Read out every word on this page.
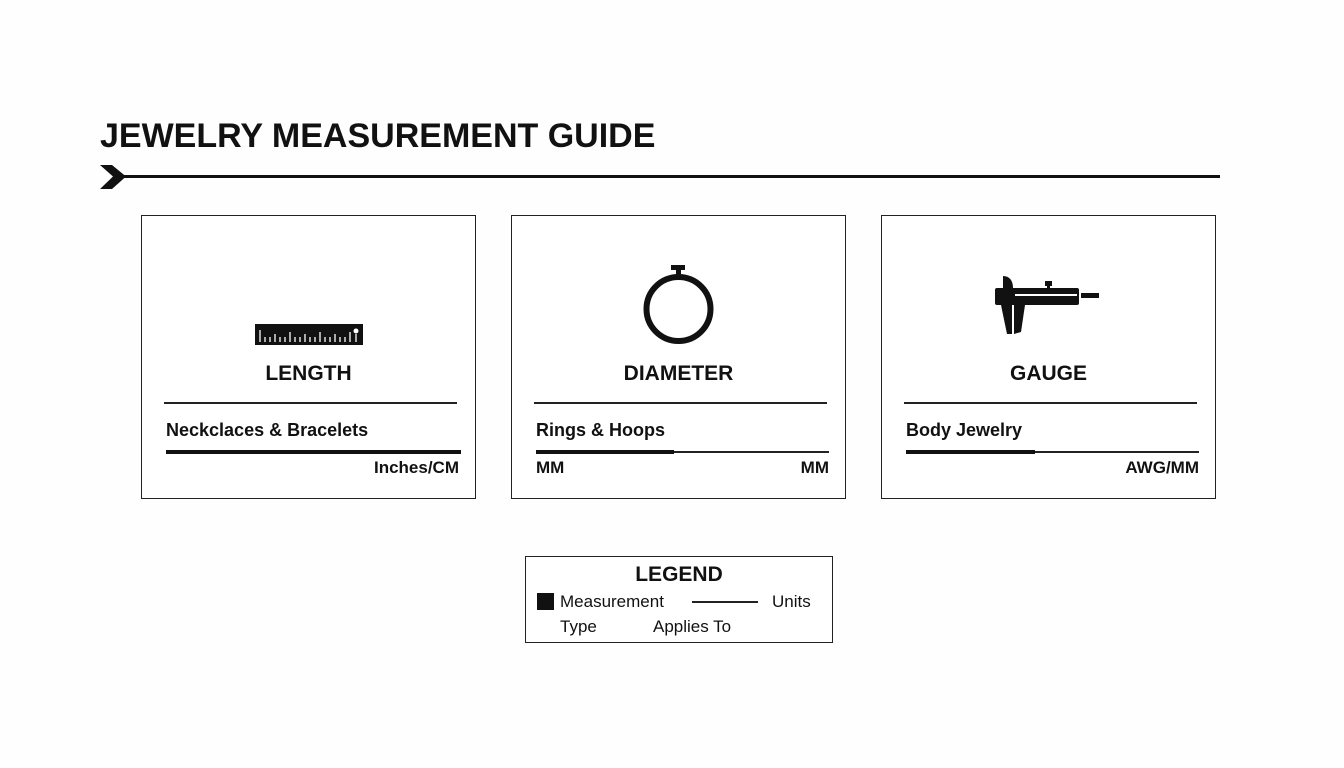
JEWELRY MEASUREMENT GUIDE
LENGTH
Neckclaces & Bracelets
Inches/CM
DIAMETER
Rings & Hoops
MM	MM
GAUGE
Body Jewelry
AWG/MM
LEGEND
Measurement
Type	Applies To
Units
